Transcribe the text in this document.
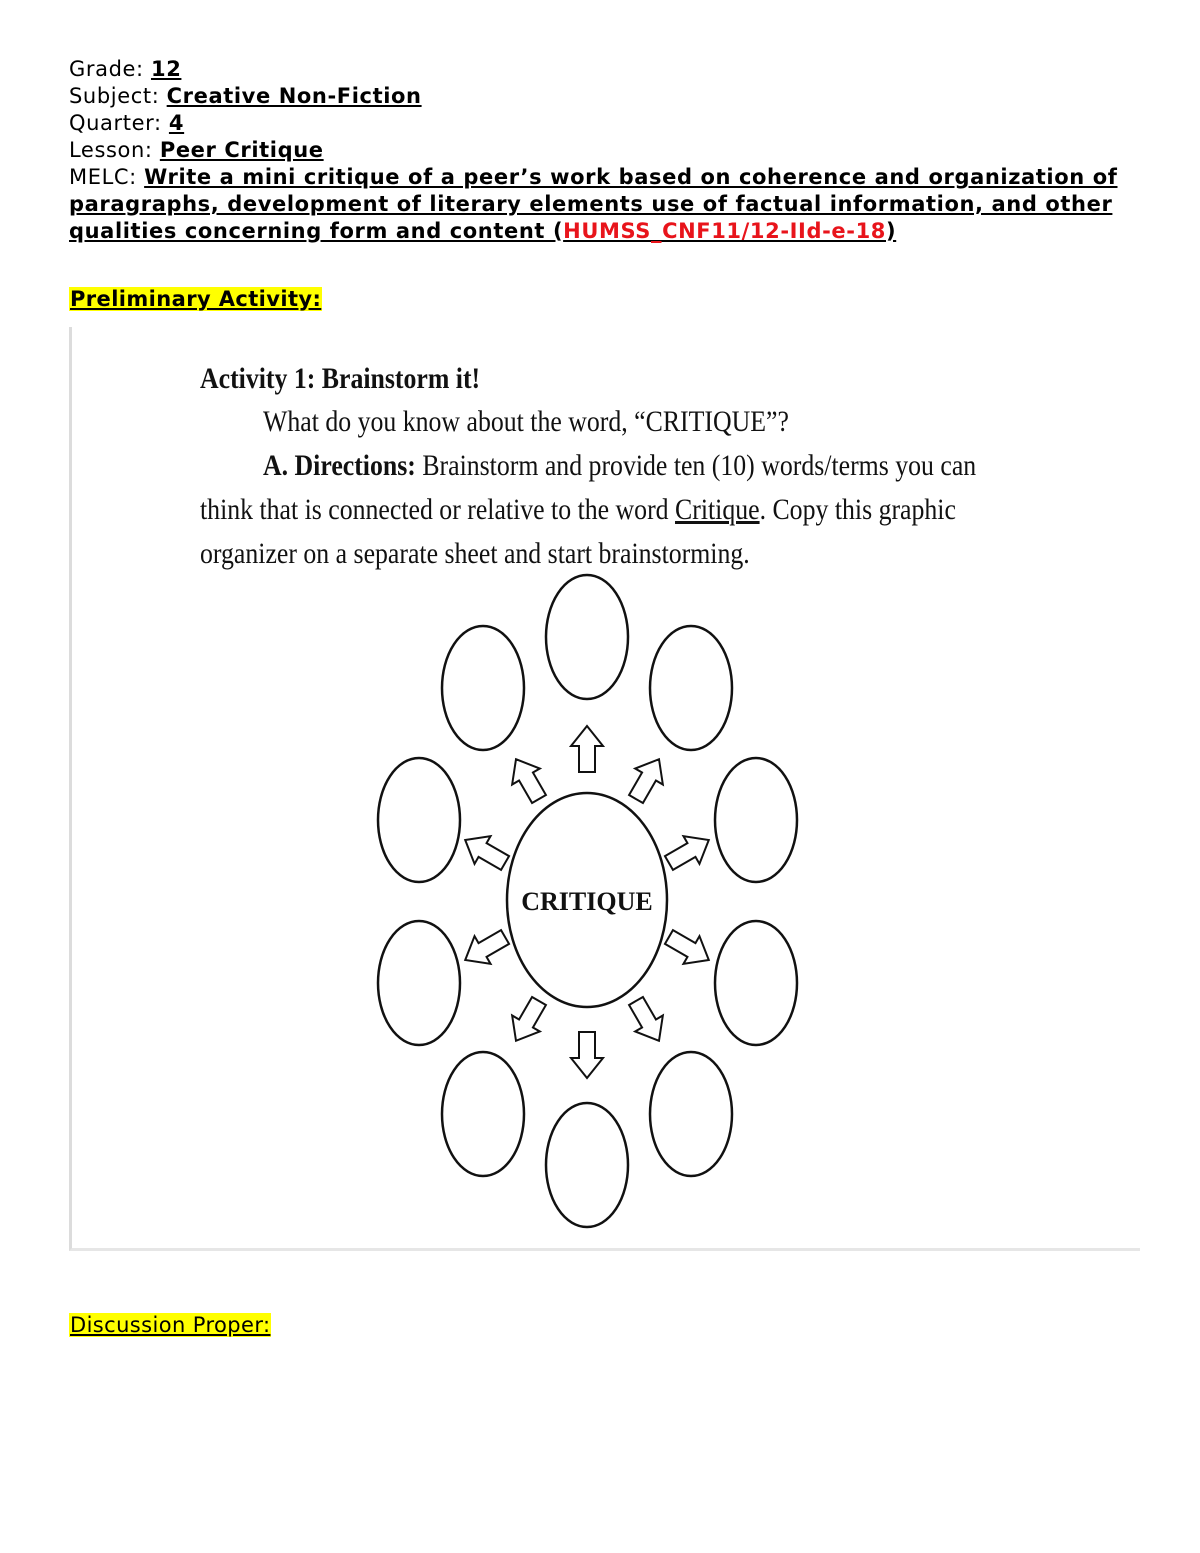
Grade: 12
Subject: Creative Non-Fiction
Quarter: 4
Lesson: Peer Critique
MELC: Write a mini critique of a peer’s work based on coherence and organization of paragraphs, development of literary elements use of factual information, and other qualities concerning form and content (HUMSS_CNF11/12-IId-e-18)
Preliminary Activity:
Activity 1: Brainstorm it!
What do you know about the word, “CRITIQUE”?
A. Directions: Brainstorm and provide ten (10) words/terms you can
think that is connected or relative to the word Critique. Copy this graphic
organizer on a separate sheet and start brainstorming.
CRITIQUE
Discussion Proper:
